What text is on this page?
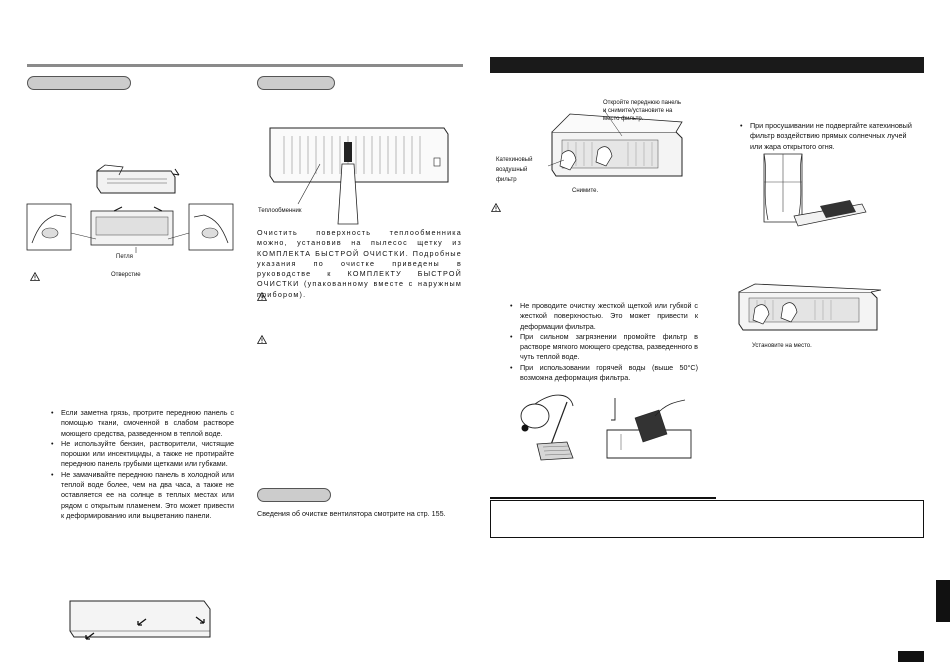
Петля
Отверстие
• Если заметна грязь, протрите переднюю панель с помощью ткани, смоченной в слабом растворе моющего средства, разведенном в теплой воде.
• Не используйте бензин, растворители, чистящие порошки или инсектициды, а также не протирайте переднюю панель грубыми щетками или губками.
• Не замачивайте переднюю панель в холодной или теплой воде более, чем на два часа, а также не оставляется ее на солнце в теплых местах или рядом с открытым пламенем. Это может привести к деформированию или выцветанию панели.
Теплообменник
Очистить поверхность теплообменника можно, установив на пылесос щетку из КОМПЛЕКТА БЫСТРОЙ ОЧИСТКИ. Подробные указания по очистке приведены в руководстве к КОМПЛЕКТУ БЫСТРОЙ ОЧИСТКИ (упакованному вместе с наружным прибором).
Сведения об очистке вентилятора смотрите на стр. 155.
Откройте переднюю панель
и снимите/установите на
место фильтр.
Катехиновый
воздушный
фильтр
Снимите.
• Не проводите очистку жесткой щеткой или губкой с жесткой поверхностью. Это может привести к деформации фильтра.
• При сильном загрязнении промойте фильтр в растворе мягкого моющего средства, разведенного в чуть теплой воде.
• При использовании горячей воды (выше 50°C) возможна деформация фильтра.
• При просушивании не подвергайте катехиновый фильтр воздействию прямых солнечных лучей или жара открытого огня.
Установите на место.
